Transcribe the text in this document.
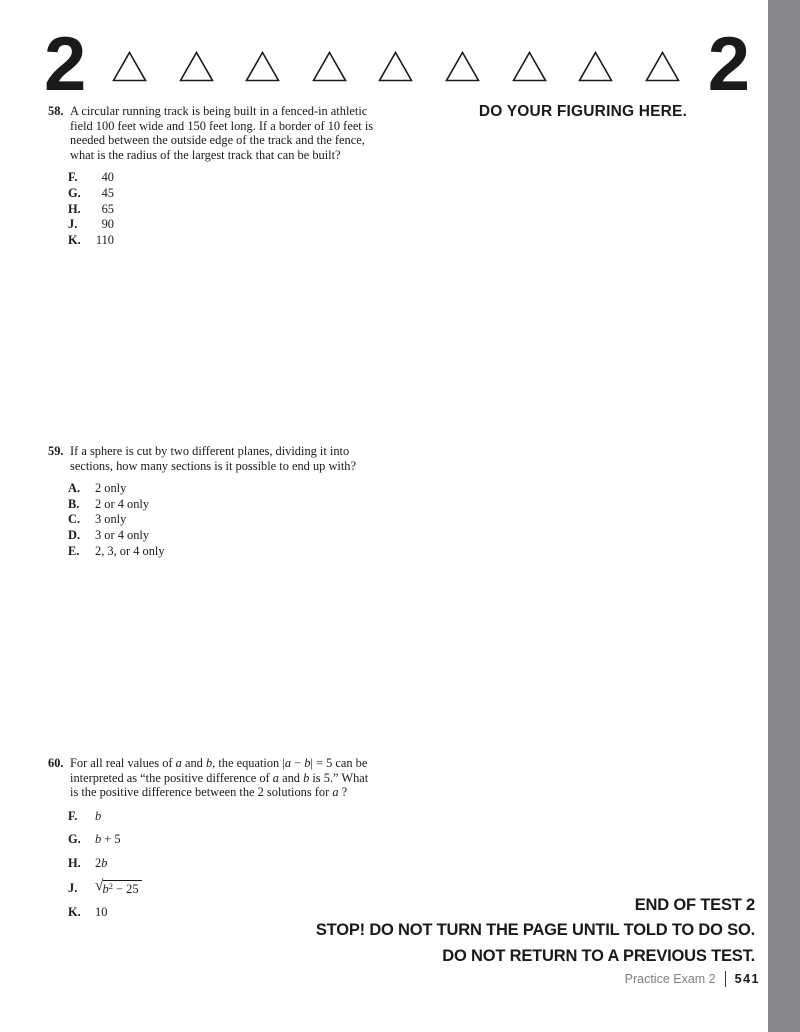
2	2
DO YOUR FIGURING HERE.
58. A circular running track is being built in a fenced-in athletic
field 100 feet wide and 150 feet long. If a border of 10 feet is
needed between the outside edge of the track and the fence,
what is the radius of the largest track that can be built?
F.	40
G.	45
H.	65
J.	90
K.	110
59. If a sphere is cut by two different planes, dividing it into
sections, how many sections is it possible to end up with?
A.	2 only
B.	2 or 4 only
C.	3 only
D.	3 or 4 only
E.	2, 3, or 4 only
60. For all real values of a and b, the equation |a − b| = 5 can be
interpreted as “the positive difference of a and b is 5.” What
is the positive difference between the 2 solutions for a ?
F.	b
G.	b + 5
H.	2b
J.	√ $b^2 - 25$
K.	10	END OF TEST 2
STOP! DO NOT TURN THE PAGE UNTIL TOLD TO DO SO.
DO NOT RETURN TO A PREVIOUS TEST.
Practice Exam 2 541
